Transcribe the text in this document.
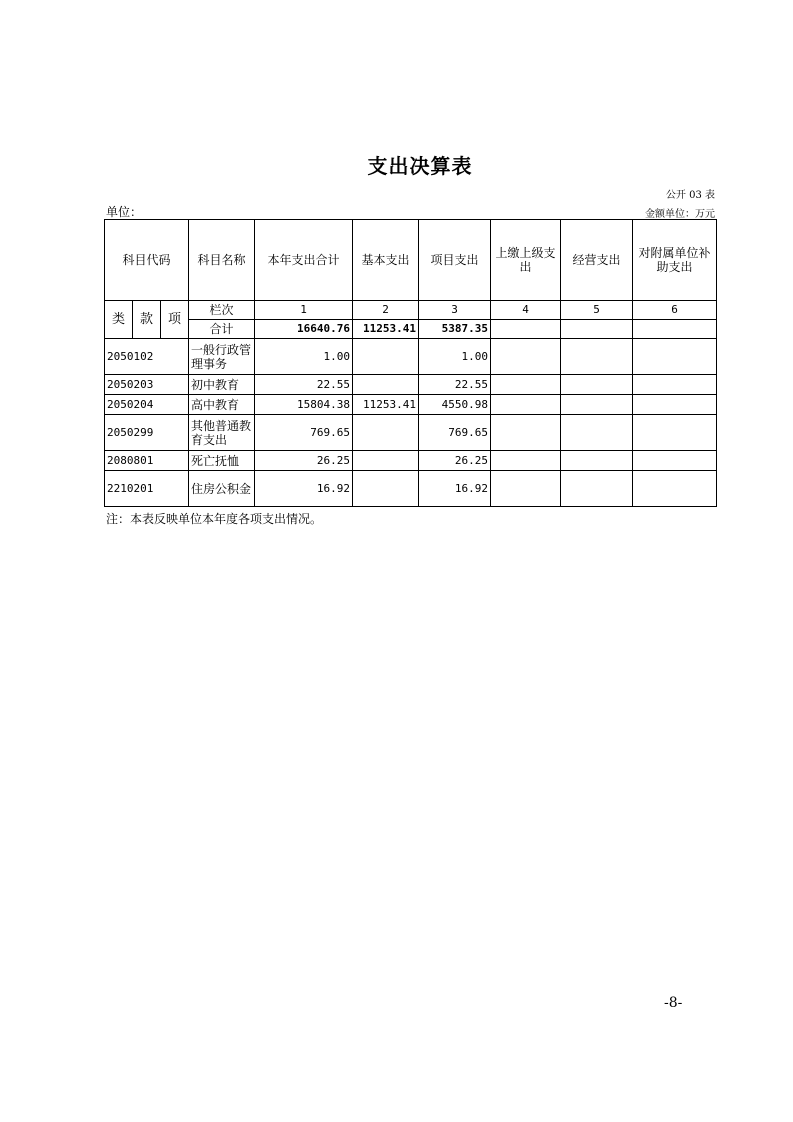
支出决算表
公开 03 表
单位：	金额单位：万元
科目代码			科目名称	本年支出合计	基本支出	项目支出	上缴上级支出	经营支出	对附属单位补助支出
类	款	项	栏次	1	2	3	4	5	6
			合计	16640.76	11253.41	5387.35			
2050102			一般行政管理事务	1.00		1.00			
2050203			初中教育	22.55		22.55			
2050204			高中教育	15804.38	11253.41	4550.98			
2050299			其他普通教育支出	769.65		769.65			
2080801			死亡抚恤	26.25		26.25			
2210201			住房公积金	16.92		16.92			
注：本表反映单位本年度各项支出情况。
-8-
